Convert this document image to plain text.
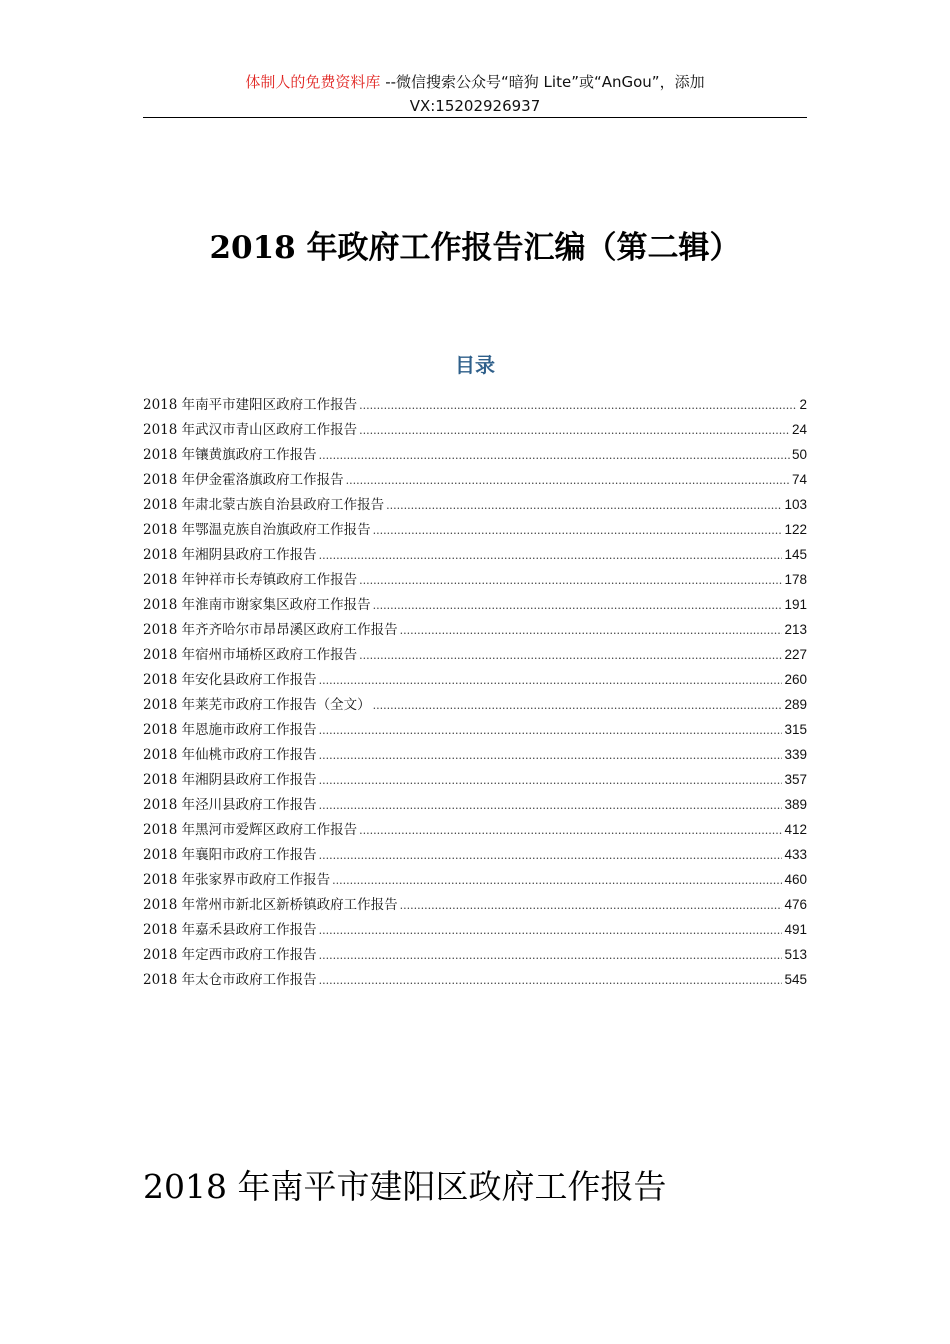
体制人的免费资料库 --微信搜索公众号“暗狗 Lite”或“AnGou”，添加
VX:15202926937
2018 年政府工作报告汇编（第二辑）
目录
2018 年南平市建阳区政府工作报告 .....	2
2018 年武汉市青山区政府工作报告 .....	24
2018 年镶黄旗政府工作报告 .....	50
2018 年伊金霍洛旗政府工作报告 .....	74
2018 年肃北蒙古族自治县政府工作报告 .....	103
2018 年鄂温克族自治旗政府工作报告 .....	122
2018 年湘阴县政府工作报告 .....	145
2018 年钟祥市长寿镇政府工作报告 .....	178
2018 年淮南市谢家集区政府工作报告 .....	191
2018 年齐齐哈尔市昂昂溪区政府工作报告 .....	213
2018 年宿州市埇桥区政府工作报告 .....	227
2018 年安化县政府工作报告 .....	260
2018 年莱芜市政府工作报告（全文） .....	289
2018 年恩施市政府工作报告 .....	315
2018 年仙桃市政府工作报告 .....	339
2018 年湘阴县政府工作报告 .....	357
2018 年泾川县政府工作报告 .....	389
2018 年黑河市爱辉区政府工作报告 .....	412
2018 年襄阳市政府工作报告 .....	433
2018 年张家界市政府工作报告 .....	460
2018 年常州市新北区新桥镇政府工作报告 .....	476
2018 年嘉禾县政府工作报告 .....	491
2018 年定西市政府工作报告 .....	513
2018 年太仓市政府工作报告 .....	545
2018 年南平市建阳区政府工作报告
